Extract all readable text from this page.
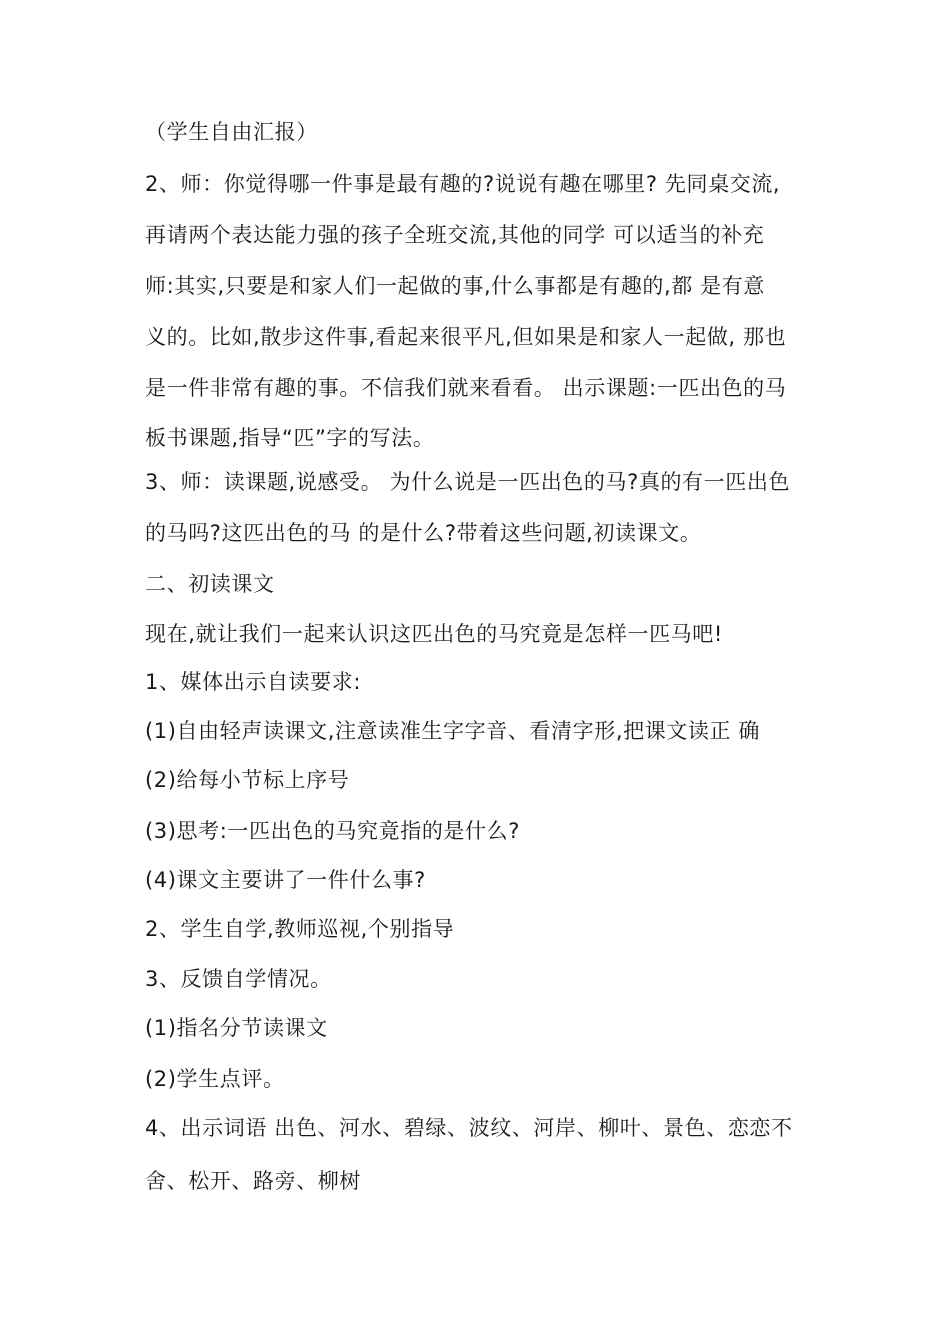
（学生自由汇报）
2、师：你觉得哪一件事是最有趣的?说说有趣在哪里? 先同桌交流,
再请两个表达能力强的孩子全班交流,其他的同学 可以适当的补充
师:其实,只要是和家人们一起做的事,什么事都是有趣的,都 是有意
义的。比如,散步这件事,看起来很平凡,但如果是和家人一起做, 那也
是一件非常有趣的事。不信我们就来看看。 出示课题:一匹出色的马
板书课题,指导“匹”字的写法。
3、师：读课题,说感受。 为什么说是一匹出色的马?真的有一匹出色
的马吗?这匹出色的马 的是什么?带着这些问题,初读课文。
二、初读课文
现在,就让我们一起来认识这匹出色的马究竟是怎样一匹马吧!
1、媒体出示自读要求:
(1)自由轻声读课文,注意读准生字字音、看清字形,把课文读正 确
(2)给每小节标上序号
(3)思考:一匹出色的马究竟指的是什么?
(4)课文主要讲了一件什么事?
2、学生自学,教师巡视,个别指导
3、反馈自学情况。
(1)指名分节读课文
(2)学生点评。
4、出示词语 出色、河水、碧绿、波纹、河岸、柳叶、景色、恋恋不
舍、松开、路旁、柳树
